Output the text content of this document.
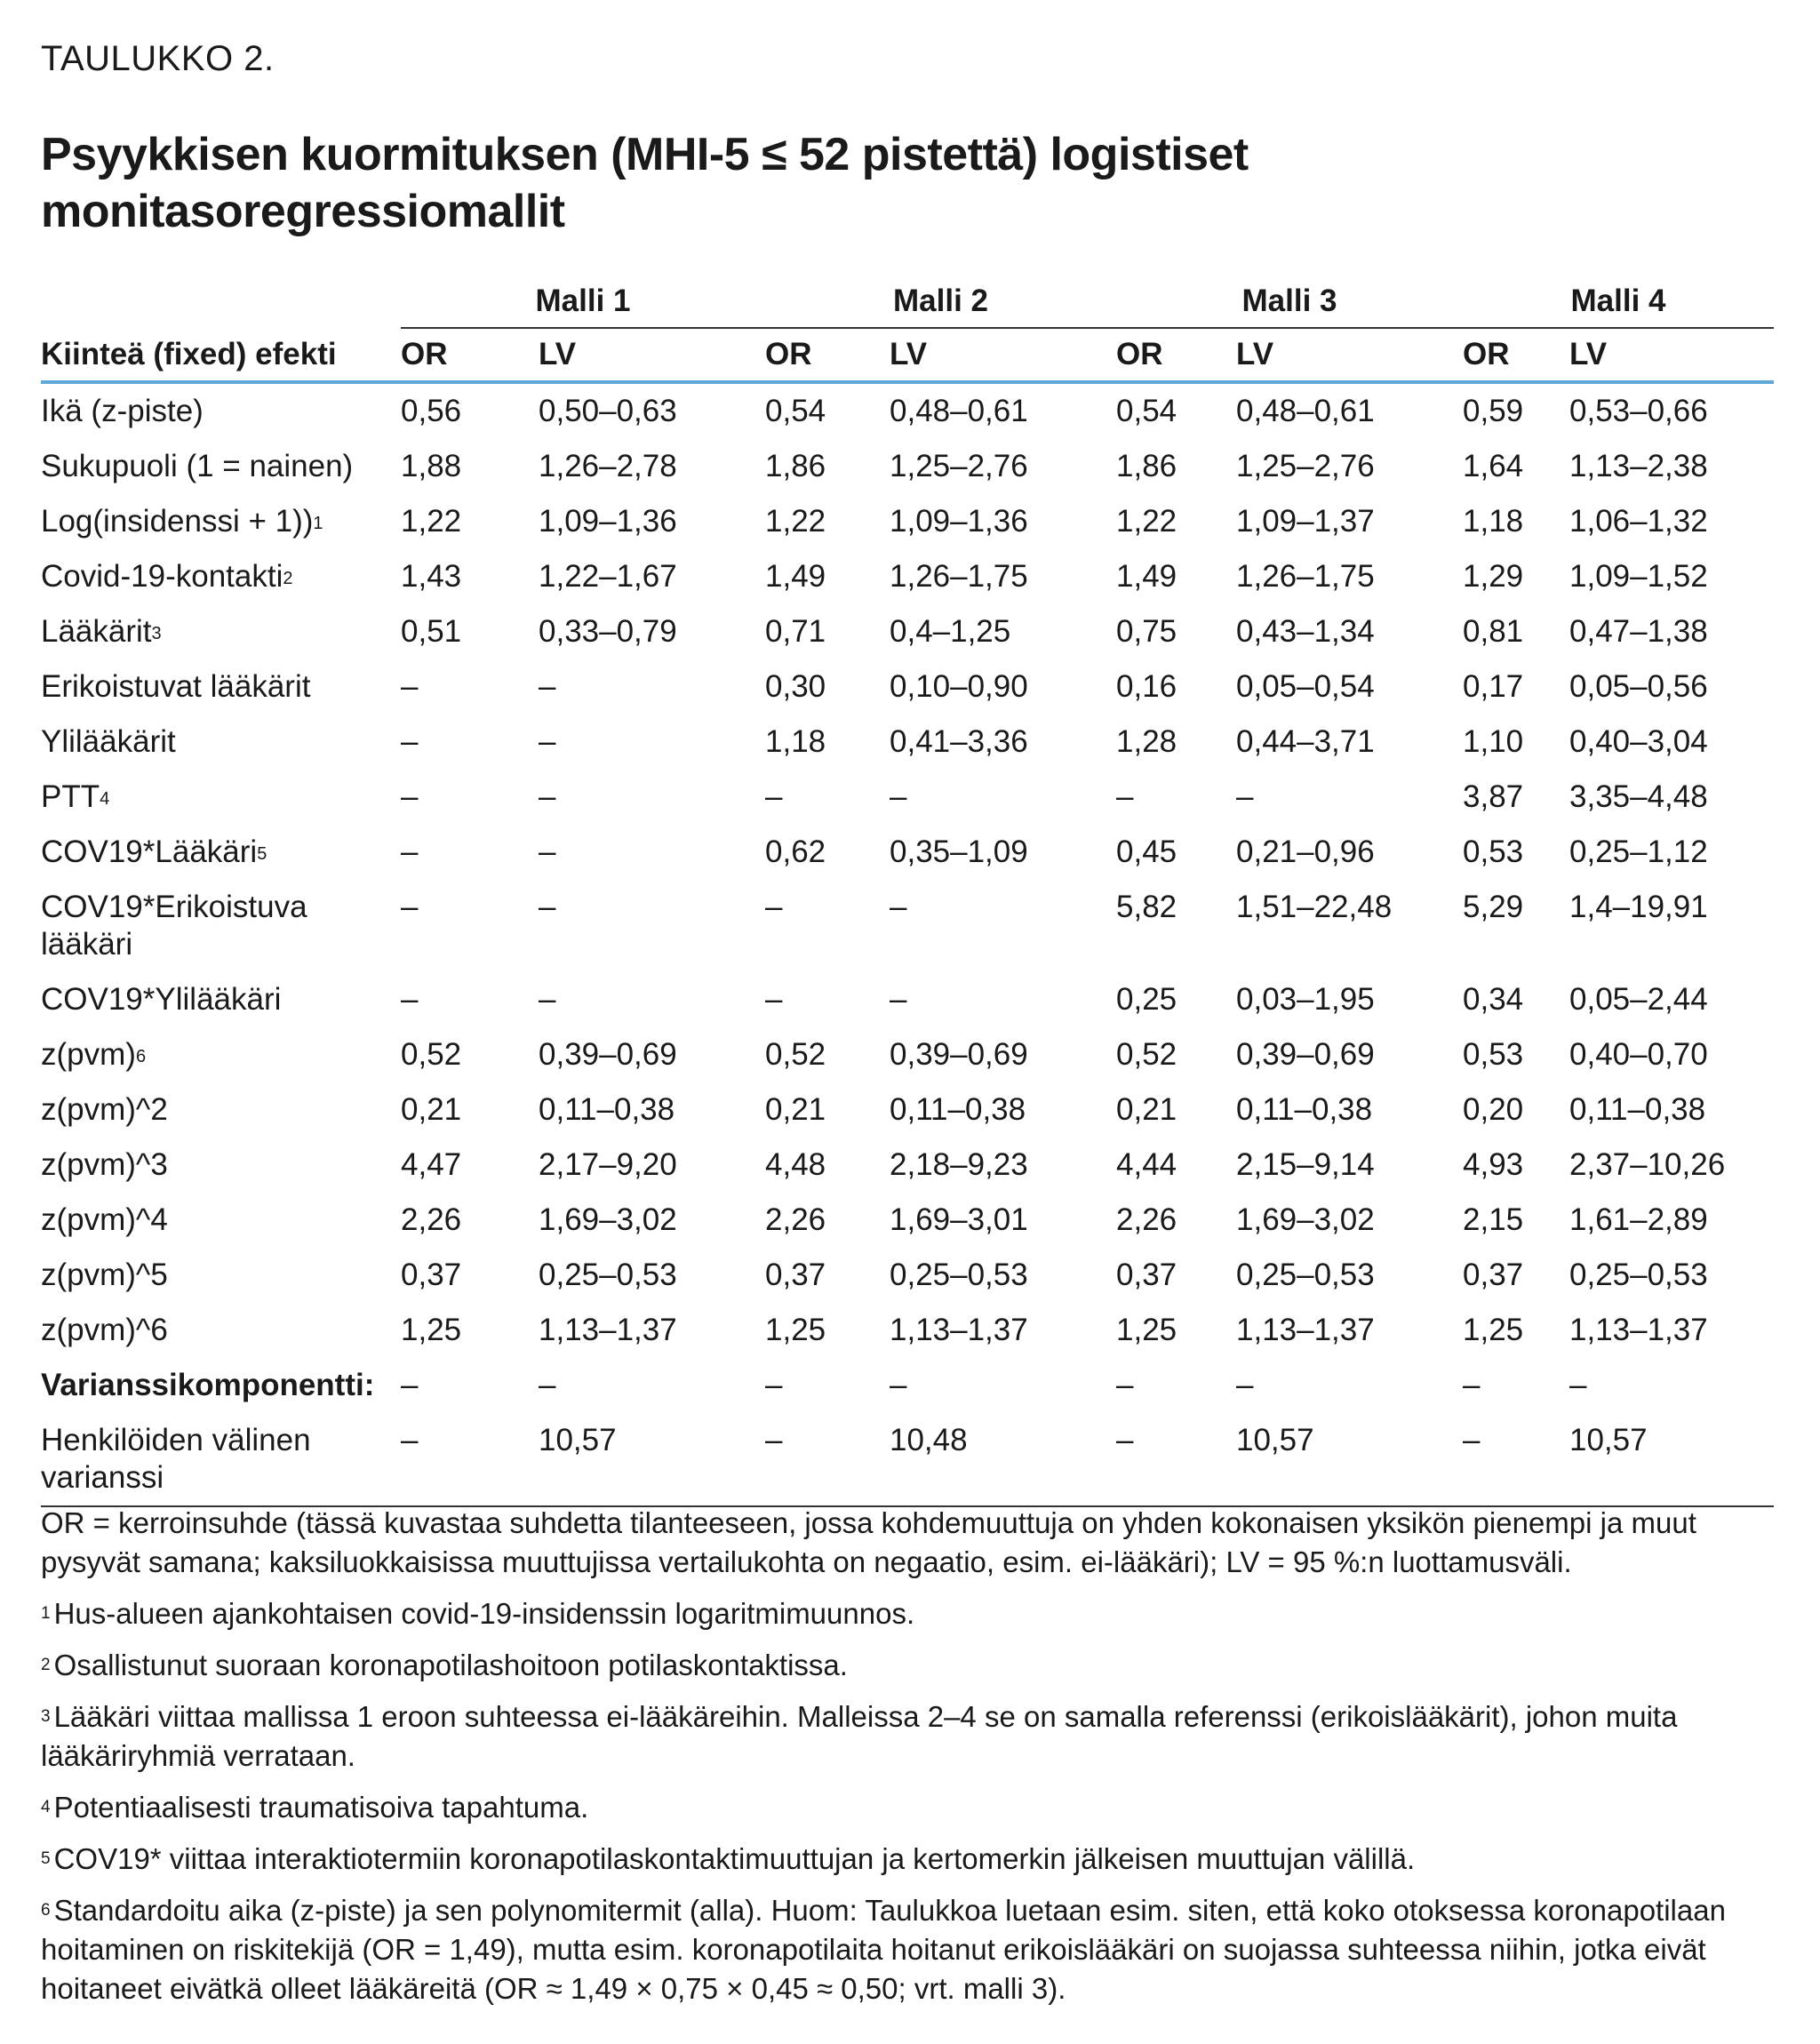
TAULUKKO 2.
Psyykkisen kuormituksen (MHI-5 ≤ 52 pistettä) logistiset monitasoregressiomallit
	Malli 1		Malli 2		Malli 3		Malli 4	
Kiinteä (fixed) efekti	OR	LV	OR	LV	OR	LV	OR	LV
Ikä (z-piste)	0,56	0,50–0,63	0,54	0,48–0,61	0,54	0,48–0,61	0,59	0,53–0,66
Sukupuoli (1 = nainen)	1,88	1,26–2,78	1,86	1,25–2,76	1,86	1,25–2,76	1,64	1,13–2,38
Log(insidenssi + 1))$^1$	1,22	1,09–1,36	1,22	1,09–1,36	1,22	1,09–1,37	1,18	1,06–1,32
Covid-19-kontakti$^2$	1,43	1,22–1,67	1,49	1,26–1,75	1,49	1,26–1,75	1,29	1,09–1,52
Lääkärit$^3$	0,51	0,33–0,79	0,71	0,4–1,25	0,75	0,43–1,34	0,81	0,47–1,38
Erikoistuvat lääkärit	–	–	0,30	0,10–0,90	0,16	0,05–0,54	0,17	0,05–0,56
Ylilääkärit	–	–	1,18	0,41–3,36	1,28	0,44–3,71	1,10	0,40–3,04
PTT$^4$	–	–	–	–	–	–	3,87	3,35–4,48
COV19*Lääkäri$^5$	–	–	0,62	0,35–1,09	0,45	0,21–0,96	0,53	0,25–1,12
COV19*Erikoistuva lääkäri	–	–	–	–	5,82	1,51–22,48	5,29	1,4–19,91
COV19*Ylilääkäri	–	–	–	–	0,25	0,03–1,95	0,34	0,05–2,44
z(pvm)$^6$	0,52	0,39–0,69	0,52	0,39–0,69	0,52	0,39–0,69	0,53	0,40–0,70
z(pvm)^2	0,21	0,11–0,38	0,21	0,11–0,38	0,21	0,11–0,38	0,20	0,11–0,38
z(pvm)^3	4,47	2,17–9,20	4,48	2,18–9,23	4,44	2,15–9,14	4,93	2,37–10,26
z(pvm)^4	2,26	1,69–3,02	2,26	1,69–3,01	2,26	1,69–3,02	2,15	1,61–2,89
z(pvm)^5	0,37	0,25–0,53	0,37	0,25–0,53	0,37	0,25–0,53	0,37	0,25–0,53
z(pvm)^6	1,25	1,13–1,37	1,25	1,13–1,37	1,25	1,13–1,37	1,25	1,13–1,37
Varianssikomponentti:	–	–	–	–	–	–	–	–
Henkilöiden välinen varianssi	–	10,57	–	10,48	–	10,57	–	10,57

OR = kerroinsuhde (tässä kuvastaa suhdetta tilanteeseen, jossa kohdemuuttuja on yhden kokonaisen yksikön pienempi ja muut pysyvät samana; kaksiluokkaisissa muuttujissa vertailukohta on negaatio, esim. ei-lääkäri); LV = 95 %:n luottamusväli.

$^1$ Hus-alueen ajankohtaisen covid-19-insidenssin logaritmimuunnos.

$^2$ Osallistunut suoraan koronapotilashoitoon potilaskontaktissa.

$^3$ Lääkäri viittaa mallissa 1 eroon suhteessa ei-lääkäreihin. Malleissa 2–4 se on samalla referenssi (erikoislääkärit), johon muita lääkäriryhmiä verrataan.

$^4$ Potentiaalisesti traumatisoiva tapahtuma.

$^5$ COV19* viittaa interaktiotermiin koronapotilaskontaktimuuttujan ja kertomerkin jälkeisen muuttujan välillä.

$^6$ Standardoitu aika (z-piste) ja sen polynomitermit (alla). Huom: Taulukkoa luetaan esim. siten, että koko otoksessa koronapotilaan hoitaminen on riskitekijä (OR = 1,49), mutta esim. koronapotilaita hoitanut erikoislääkäri on suojassa suhteessa niihin, jotka eivät hoitaneet eivätkä olleet lääkäreitä (OR ≈ 1,49 × 0,75 × 0,45 ≈ 0,50; vrt. malli 3).
